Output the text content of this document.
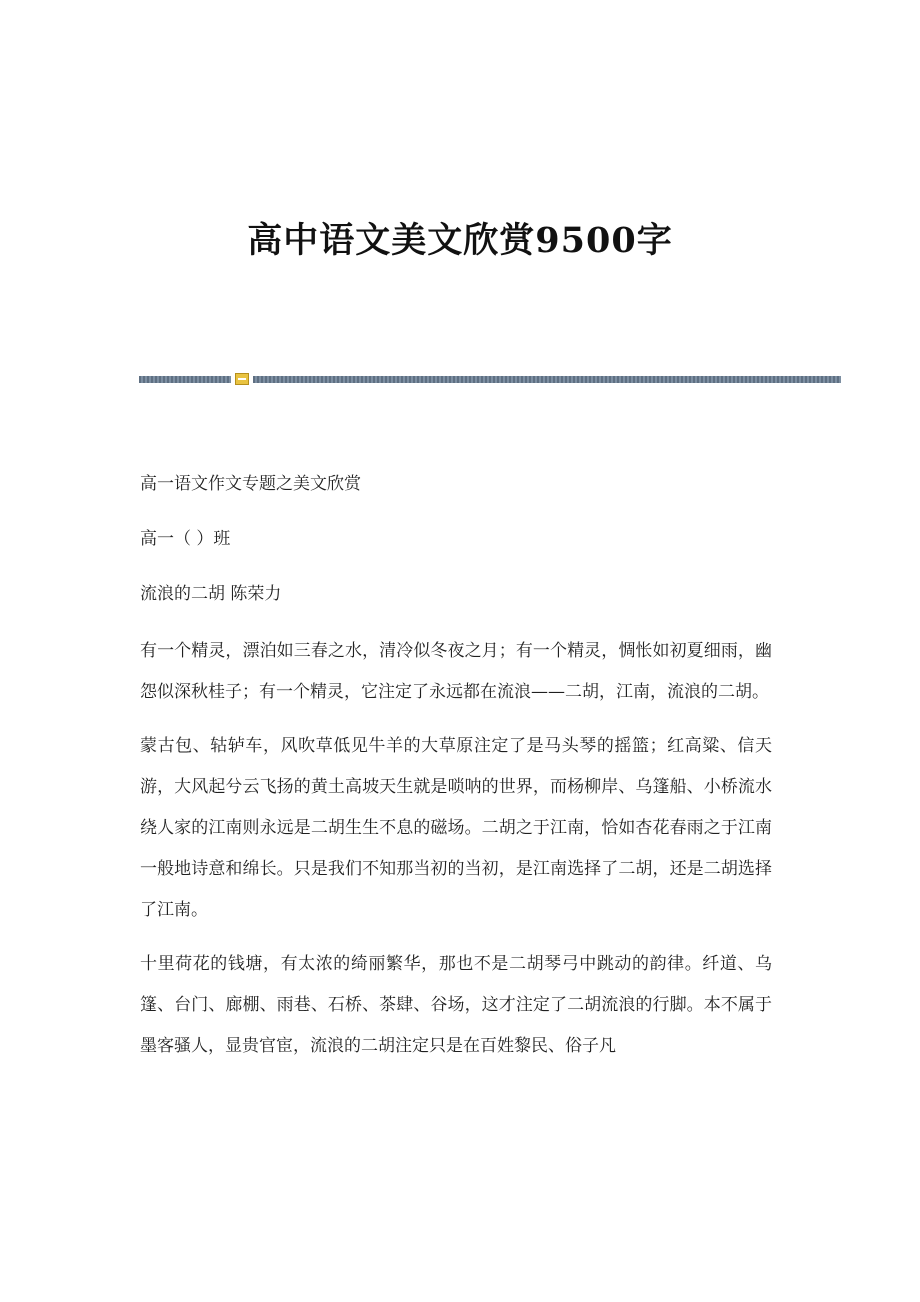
高中语文美文欣赏9500字
高一语文作文专题之美文欣赏
高一（ ）班
流浪的二胡 陈荣力

有一个精灵，漂泊如三春之水，清冷似冬夜之月；有一个精灵，惆怅如初夏细雨，幽怨似深秋桂子；有一个精灵，它注定了永远都在流浪——二胡，江南，流浪的二胡。

蒙古包、轱轳车，风吹草低见牛羊的大草原注定了是马头琴的摇篮；红高粱、信天游，大风起兮云飞扬的黄土高坡天生就是唢呐的世界，而杨柳岸、乌篷船、小桥流水绕人家的江南则永远是二胡生生不息的磁场。二胡之于江南，恰如杏花春雨之于江南一般地诗意和绵长。只是我们不知那当初的当初，是江南选择了二胡，还是二胡选择了江南。

十里荷花的钱塘，有太浓的绮丽繁华，那也不是二胡琴弓中跳动的韵律。纤道、乌篷、台门、廊棚、雨巷、石桥、茶肆、谷场，这才注定了二胡流浪的行脚。本不属于墨客骚人，显贵官宦，流浪的二胡注定只是在百姓黎民、俗子凡
